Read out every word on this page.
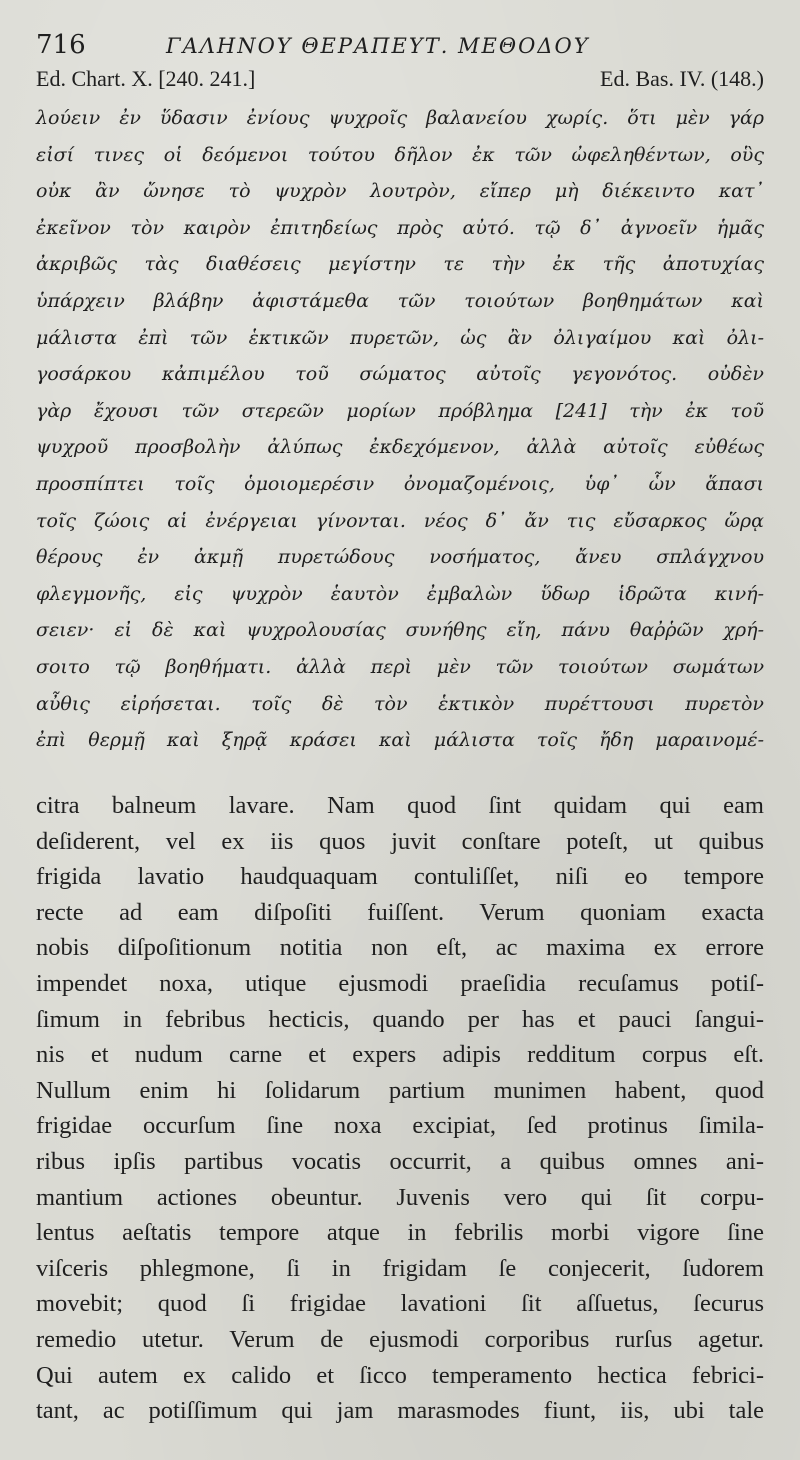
716	ΓΑΛΗΝΟΥ ΘΕΡΑΠΕΥΤ. ΜΕΘΟΔΟΥ
Ed. Chart. X. [240. 241.]	Ed. Bas. IV. (148.)
λούειν ἐν ὕδασιν ἐνίους ψυχροῖς βαλανείου χωρίς. ὅτι μὲν γάρ
εἰσί τινες οἱ δεόμενοι τούτου δῆλον ἐκ τῶν ὠφεληθέντων, οὓς
οὐκ ἂν ὤνησε τὸ ψυχρὸν λουτρὸν, εἴπερ μὴ διέκειντο κατ᾽
ἐκεῖνον τὸν καιρὸν ἐπιτηδείως πρὸς αὐτό. τῷ δ᾽ ἀγνοεῖν ἡμᾶς
ἀκριβῶς τὰς διαθέσεις μεγίστην τε τὴν ἐκ τῆς ἀποτυχίας
ὑπάρχειν βλάβην ἀφιστάμεθα τῶν τοιούτων βοηθημάτων καὶ
μάλιστα ἐπὶ τῶν ἑκτικῶν πυρετῶν, ὡς ἂν ὀλιγαίμου καὶ ὀλι-
γοσάρκου κἀπιμέλου τοῦ σώματος αὐτοῖς γεγονότος. οὐδὲν
γὰρ ἔχουσι τῶν στερεῶν μορίων πρόβλημα [241] τὴν ἐκ τοῦ
ψυχροῦ προσβολὴν ἀλύπως ἐκδεχόμενον, ἀλλὰ αὐτοῖς εὐθέως
προσπίπτει τοῖς ὁμοιομερέσιν ὀνομαζομένοις, ὑφ᾽ ὧν ἅπασι
τοῖς ζώοις αἱ ἐνέργειαι γίνονται. νέος δ᾽ ἄν τις εὔσαρκος ὥρᾳ
θέρους ἐν ἀκμῇ πυρετώδους νοσήματος, ἄνευ σπλάγχνου
φλεγμονῆς, εἰς ψυχρὸν ἑαυτὸν ἐμβαλὼν ὕδωρ ἱδρῶτα κινή-
σειεν· εἰ δὲ καὶ ψυχρολουσίας συνήθης εἴη, πάνυ θαῤῥῶν χρή-
σοιτο τῷ βοηθήματι. ἀλλὰ περὶ μὲν τῶν τοιούτων σωμάτων
αὖθις εἰρήσεται. τοῖς δὲ τὸν ἑκτικὸν πυρέττουσι πυρετὸν
ἐπὶ θερμῇ καὶ ξηρᾷ κράσει καὶ μάλιστα τοῖς ἤδη μαραινομέ-
citra balneum lavare. Nam quod ſint quidam qui eam
deſiderent, vel ex iis quos juvit conſtare poteſt, ut quibus
frigida lavatio haudquaquam contuliſſet, niſi eo tempore
recte ad eam diſpoſiti fuiſſent. Verum quoniam exacta
nobis diſpoſitionum notitia non eſt, ac maxima ex errore
impendet noxa, utique ejusmodi praeſidia recuſamus potiſ-
ſimum in febribus hecticis, quando per has et pauci ſangui-
nis et nudum carne et expers adipis redditum corpus eſt.
Nullum enim hi ſolidarum partium munimen habent, quod
frigidae occurſum ſine noxa excipiat, ſed protinus ſimila-
ribus ipſis partibus vocatis occurrit, a quibus omnes ani-
mantium actiones obeuntur. Juvenis vero qui ſit corpu-
lentus aeſtatis tempore atque in febrilis morbi vigore ſine
viſceris phlegmone, ſi in frigidam ſe conjecerit, ſudorem
movebit; quod ſi frigidae lavationi ſit aſſuetus, ſecurus
remedio utetur. Verum de ejusmodi corporibus rurſus agetur.
Qui autem ex calido et ſicco temperamento hectica febrici-
tant, ac potiſſimum qui jam marasmodes fiunt, iis, ubi tale
